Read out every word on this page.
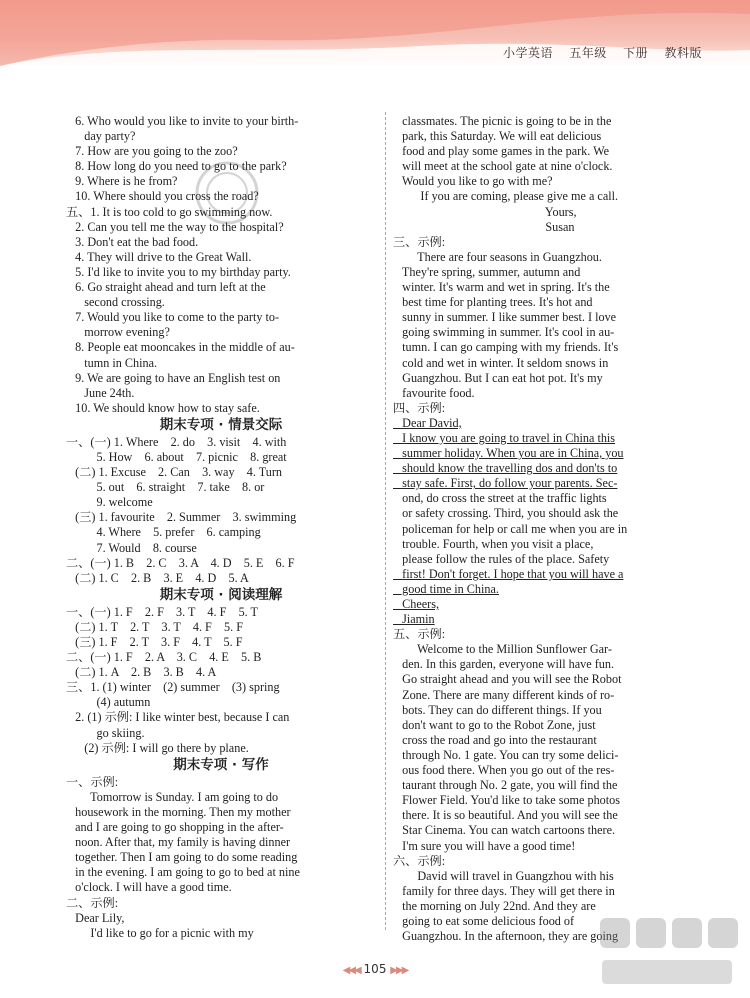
小学英语 五年级 下册 教科版
6. Who would you like to invite to your birth-
day party?
7. How are you going to the zoo?
8. How long do you need to go to the park?
9. Where is he from?
10. Where should you cross the road?
五、1. It is too cold to go swimming now.
2. Can you tell me the way to the hospital?
3. Don't eat the bad food.
4. They will drive to the Great Wall.
5. I'd like to invite you to my birthday party.
6. Go straight ahead and turn left at the
second crossing.
7. Would you like to come to the party to-
morrow evening?
8. People eat mooncakes in the middle of au-
tumn in China.
9. We are going to have an English test on
June 24th.
10. We should know how to stay safe.
期末专项 · 情景交际
一、(一) 1. Where    2. do    3. visit    4. with
5. How    6. about    7. picnic    8. great
(二) 1. Excuse    2. Can    3. way    4. Turn
5. out    6. straight    7. take    8. or
9. welcome
(三) 1. favourite    2. Summer    3. swimming
4. Where    5. prefer    6. camping
7. Would    8. course
二、(一) 1. B    2. C    3. A    4. D    5. E    6. F
(二) 1. C    2. B    3. E    4. D    5. A
期末专项 · 阅读理解
一、(一) 1. F    2. F    3. T    4. F    5. T
(二) 1. T    2. T    3. T    4. F    5. F
(三) 1. F    2. T    3. F    4. T    5. F
二、(一) 1. F    2. A    3. C    4. E    5. B
(二) 1. A    2. B    3. B    4. A
三、1. (1) winter    (2) summer    (3) spring
(4) autumn
2. (1) 示例: I like winter best, because I can
go skiing.
(2) 示例: I will go there by plane.
期末专项 · 写作
一、示例:
Tomorrow is Sunday. I am going to do
housework in the morning. Then my mother
and I are going to go shopping in the after-
noon. After that, my family is having dinner
together. Then I am going to do some reading
in the evening. I am going to go to bed at nine
o'clock. I will have a good time.
二、示例:
Dear Lily,
I'd like to go for a picnic with my
classmates. The picnic is going to be in the
park, this Saturday. We will eat delicious
food and play some games in the park. We
will meet at the school gate at nine o'clock.
Would you like to go with me?
If you are coming, please give me a call.
Yours,
Susan
三、示例:
There are four seasons in Guangzhou.
They're spring, summer, autumn and
winter. It's warm and wet in spring. It's the
best time for planting trees. It's hot and
sunny in summer. I like summer best. I love
going swimming in summer. It's cool in au-
tumn. I can go camping with my friends. It's
cold and wet in winter. It seldom snows in
Guangzhou. But I can eat hot pot. It's my
favourite food.
四、示例:
Dear David,
I know you are going to travel in China this
summer holiday. When you are in China, you
should know the travelling dos and don'ts to
stay safe. First, do follow your parents. Sec-
ond, do cross the street at the traffic lights
or safety crossing. Third, you should ask the
policeman for help or call me when you are in
trouble. Fourth, when you visit a place,
please follow the rules of the place. Safety
first! Don't forget. I hope that you will have a
good time in China.
Cheers,
Jiamin
五、示例:
Welcome to the Million Sunflower Gar-
den. In this garden, everyone will have fun.
Go straight ahead and you will see the Robot
Zone. There are many different kinds of ro-
bots. They can do different things. If you
don't want to go to the Robot Zone, just
cross the road and go into the restaurant
through No. 1 gate. You can try some delici-
ous food there. When you go out of the res-
taurant through No. 2 gate, you will find the
Flower Field. You'd like to take some photos
there. It is so beautiful. And you will see the
Star Cinema. You can watch cartoons there.
I'm sure you will have a good time!
六、示例:
David will travel in Guangzhou with his
family for three days. They will get there in
the morning on July 22nd. And they are
going to eat some delicious food of
Guangzhou. In the afternoon, they are going
◀◀◀ 105 ▶▶▶
